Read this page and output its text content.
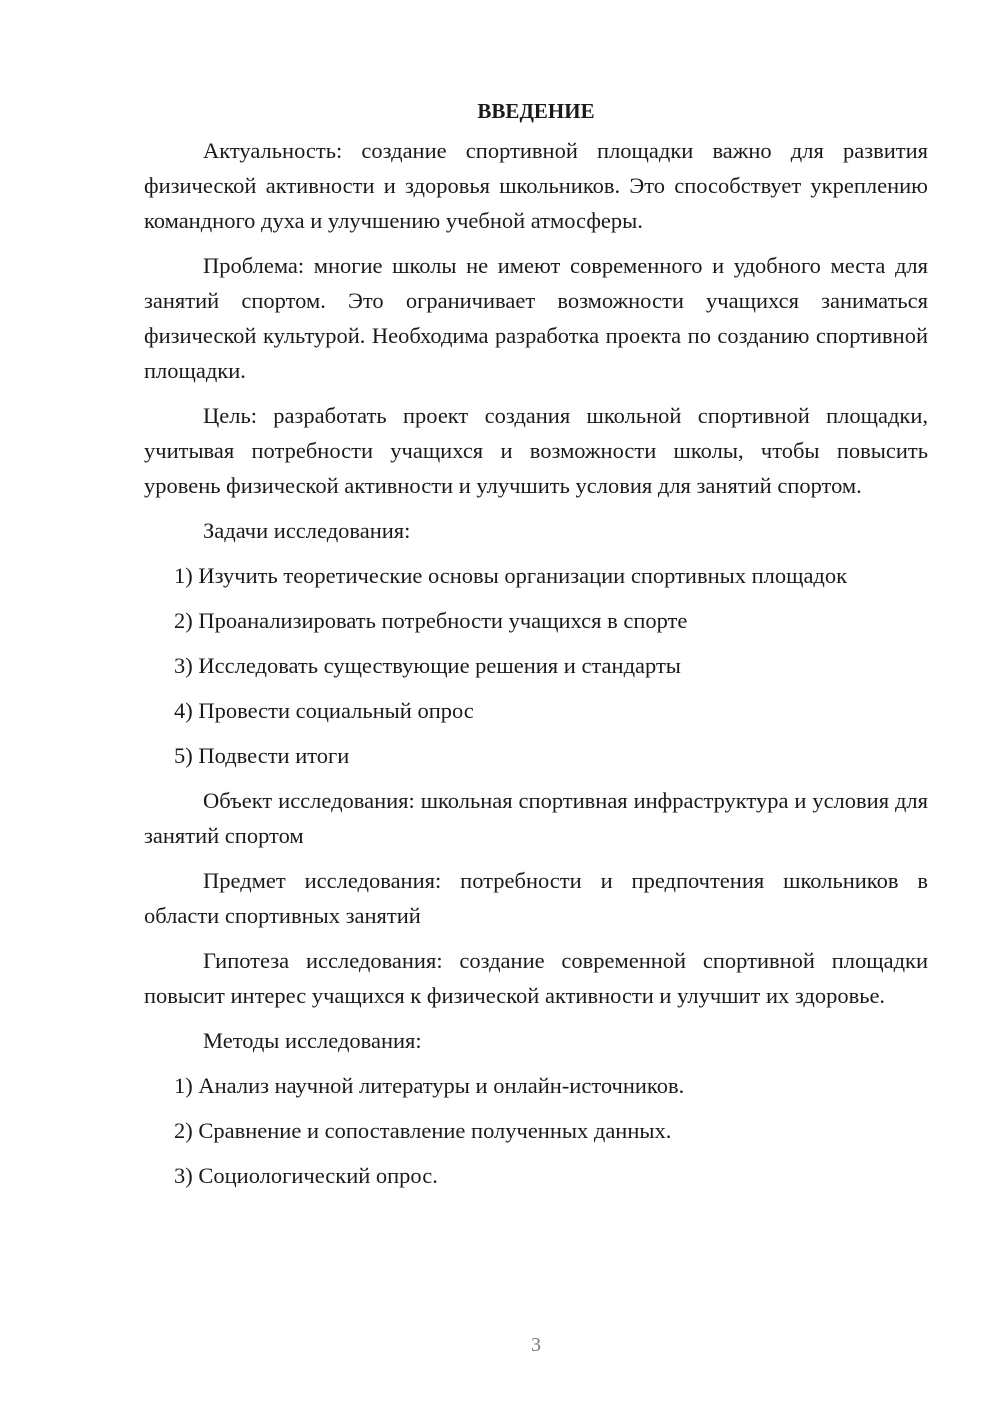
ВВЕДЕНИЕ

Актуальность: создание спортивной площадки важно для развития физической активности и здоровья школьников. Это способствует укреплению командного духа и улучшению учебной атмосферы.

Проблема: многие школы не имеют современного и удобного места для занятий спортом. Это ограничивает возможности учащихся заниматься физической культурой. Необходима разработка проекта по созданию спортивной площадки.

Цель: разработать проект создания школьной спортивной площадки, учитывая потребности учащихся и возможности школы, чтобы повысить уровень физической активности и улучшить условия для занятий спортом.

Задачи исследования:

1) Изучить теоретические основы организации спортивных площадок
2) Проанализировать потребности учащихся в спорте
3) Исследовать существующие решения и стандарты
4) Провести социальный опрос
5) Подвести итоги

Объект исследования: школьная спортивная инфраструктура и условия для занятий спортом

Предмет исследования: потребности и предпочтения школьников в области спортивных занятий

Гипотеза исследования: создание современной спортивной площадки повысит интерес учащихся к физической активности и улучшит их здоровье.

Методы исследования:

1) Анализ научной литературы и онлайн-источников.
2) Сравнение и сопоставление полученных данных.
3) Социологический опрос.
3
